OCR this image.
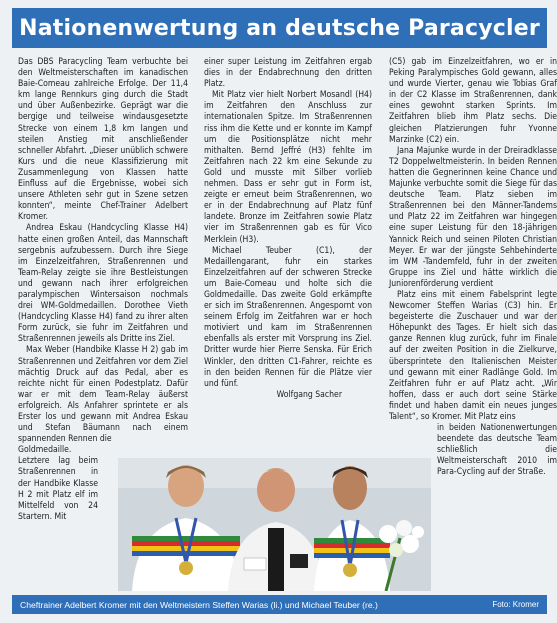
Nationenwertung an deutsche Paracycler

Das DBS Paracycling Team verbuchte bei den Weltmeisterschaften im kanadischen Baie-Comeau zahlreiche Erfolge. Der 11,4 km lange Rennkurs ging durch die Stadt und über Außenbezirke. Geprägt war die bergige und teilweise windausgesetzte Strecke von einem 1,8 km langen und steilen Anstieg mit anschließender schneller Abfahrt. „Dieser unüblich schwere Kurs und die neue Klassifizierung mit Zusammenlegung von Klassen hatte Einfluss auf die Ergebnisse, wobei sich unsere Athleten sehr gut in Szene setzen konnten“, meinte Chef-Trainer Adelbert Kromer.

Andrea Eskau (Handcycling Klasse H4) hatte einen großen Anteil, das Mannschaft sergebnis aufzubessern. Durch ihre Siege im Einzelzeitfahren, Straßenrennen und Team-Relay zeigte sie ihre Bestleistungen und gewann nach ihrer erfolgreichen paralympischen Wintersaison nochmals drei WM-Goldmedaillen. Dorothee Vieth (Handcycling Klasse H4) fand zu ihrer alten Form zurück, sie fuhr im Zeitfahren und Straßenrennen jeweils als Dritte ins Ziel.

Max Weber (Handbike Klasse H 2) gab im Straßenrennen und Zeitfahren vor dem Ziel mächtig Druck auf das Pedal, aber es reichte nicht für einen Podestplatz. Dafür war er mit dem Team-Relay äußerst erfolgreich. Als Anfahrer sprintete er als Erster los und gewann mit Andrea Eskau und Stefan Bäumann nach einem spannenden Rennen die

Goldmedaille. Letztere lag beim Straßenrennen in der Handbike Klasse H 2 mit Platz elf im Mittelfeld von 24 Startern. Mit

einer super Leistung im Zeitfahren ergab dies in der Endabrechnung den dritten Platz.

Mit Platz vier hielt Norbert Mosandl (H4) im Zeitfahren den Anschluss zur internationalen Spitze. Im Straßenrennen riss ihm die Kette und er konnte im Kampf um die Positionsplätze nicht mehr mithalten. Bernd Jeffré (H3) fehlte im Zeitfahren nach 22 km eine Sekunde zu Gold und musste mit Silber vorlieb nehmen. Dass er sehr gut in Form ist, zeigte er erneut beim Straßenrennen, wo er in der Endabrechnung auf Platz fünf landete. Bronze im Zeitfahren sowie Platz vier im Straßenrennen gab es für Vico Merklein (H3).

Michael Teuber (C1), der Medaillengarant, fuhr ein starkes Einzelzeitfahren auf der schweren Strecke um Baie-Comeau und holte sich die Goldmedaille. Das zweite Gold erkämpfte er sich im Straßenrennen. Angespornt von seinem Erfolg im Zeitfahren war er hoch motiviert und kam im Straßenrennen ebenfalls als erster mit Vorsprung ins Ziel. Dritter wurde hier Pierre Senska. Für Erich Winkler, den dritten C1-Fahrer, reichte es in den beiden Rennen für die Plätze vier und fünf.

Wolfgang Sacher

(C5) gab im Einzelzeitfahren, wo er in Peking Paralympisches Gold gewann, alles und wurde Vierter, genau wie Tobias Graf in der C2 Klasse im Straßenrennen, dank eines gewohnt starken Sprints. Im Zeitfahren blieb ihm Platz sechs. Die gleichen Platzierungen fuhr Yvonne Marzinke (C2) ein.

Jana Majunke wurde in der Dreiradklasse T2 Doppelweltmeisterin. In beiden Rennen hatten die Gegnerinnen keine Chance und Majunke verbuchte somit die Siege für das deutsche Team. Platz sieben im Straßenrennen bei den Männer-Tandems und Platz 22 im Zeitfahren war hingegen eine super Leistung für den 18-jährigen Yannick Reich und seinen Piloten Christian Meyer. Er war der jüngste Sehbehinderte im WM -Tandemfeld, fuhr in der zweiten Gruppe ins Ziel und hätte wirklich die Juniorenförderung verdient

Platz eins mit einem Fabelsprint legte Newcomer Steffen Warias (C3) hin. Er begeisterte die Zuschauer und war der Höhepunkt des Tages. Er hielt sich das ganze Rennen klug zurück, fuhr im Finale auf der zweiten Position in die Zielkurve, übersprintete den Italienischen Meister und gewann mit einer Radlänge Gold. Im Zeitfahren fuhr er auf Platz acht. „Wir hoffen, dass er auch dort seine Stärke findet und haben damit ein neues junges Talent“, so Kromer. Mit Platz eins

in beiden Nationenwertungen beendete das deutsche Team schließlich die Weltmeisterschaft 2010 im Para-Cycling auf der Straße.

Cheftrainer Adelbert Kromer mit den Weltmeistern Steffen Warias (li.) und Michael Teuber (re.)	Foto: Kromer
